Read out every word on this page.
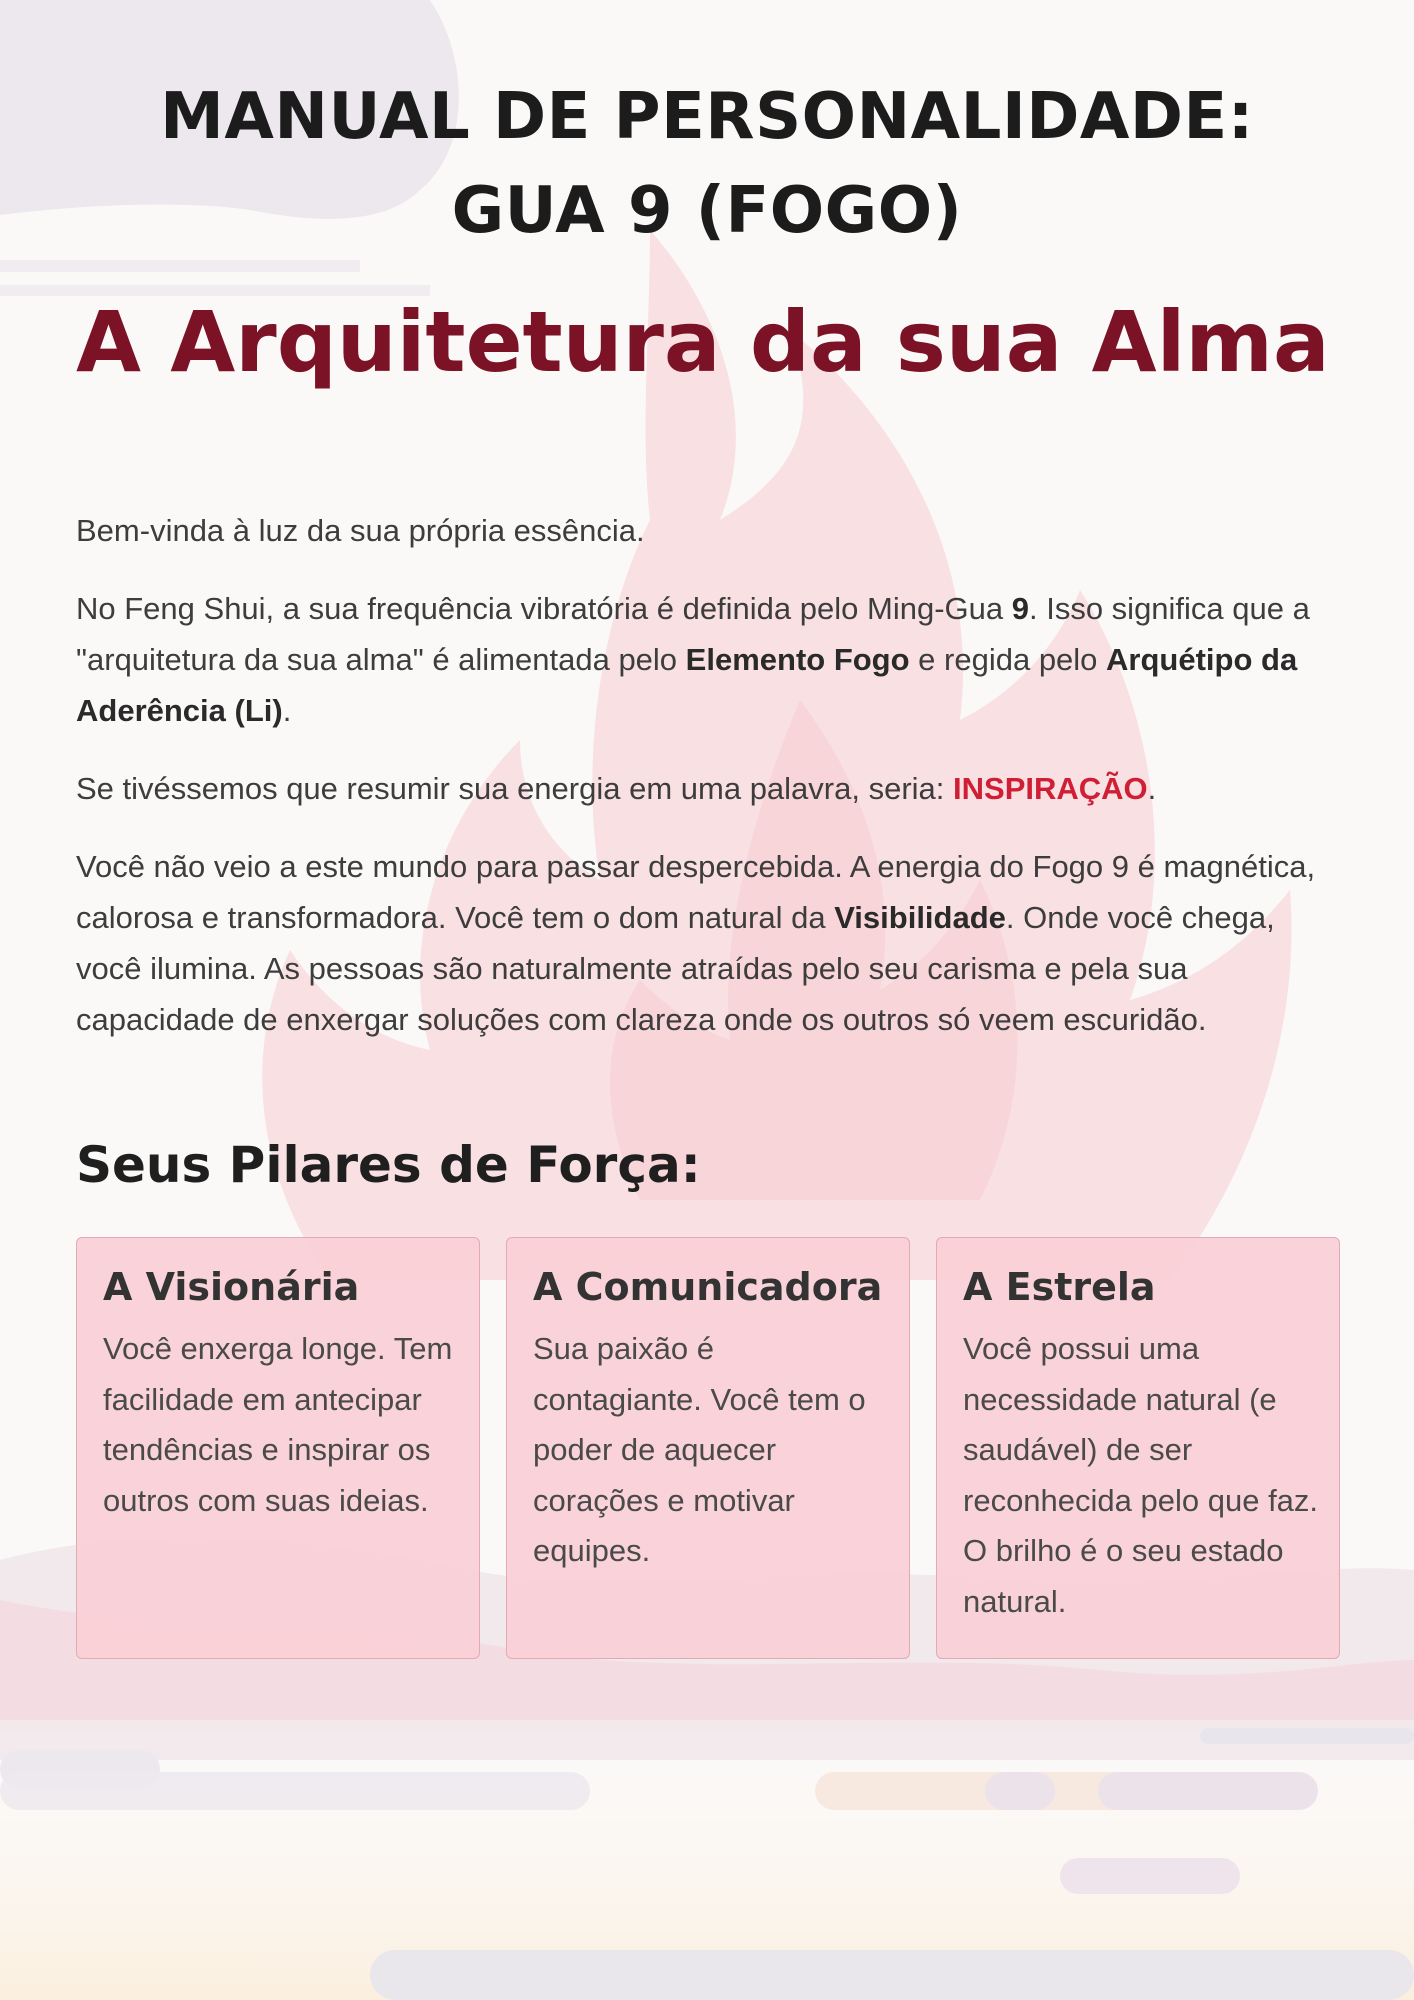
MANUAL DE PERSONALIDADE:
GUA 9 (FOGO)
A Arquitetura da sua Alma

Bem-vinda à luz da sua própria essência.

No Feng Shui, a sua frequência vibratória é definida pelo Ming-Gua 9. Isso significa que a "arquitetura da sua alma" é alimentada pelo Elemento Fogo e regida pelo Arquétipo da Aderência (Li).

Se tivéssemos que resumir sua energia em uma palavra, seria: INSPIRAÇÃO.

Você não veio a este mundo para passar despercebida. A energia do Fogo 9 é magnética, calorosa e transformadora. Você tem o dom natural da Visibilidade. Onde você chega, você ilumina. As pessoas são naturalmente atraídas pelo seu carisma e pela sua capacidade de enxergar soluções com clareza onde os outros só veem escuridão.

Seus Pilares de Força:
A Visionária

Você enxerga longe. Tem facilidade em antecipar tendências e inspirar os outros com suas ideias.

A Comunicadora

Sua paixão é contagiante. Você tem o poder de aquecer corações e motivar equipes.

A Estrela

Você possui uma necessidade natural (e saudável) de ser reconhecida pelo que faz. O brilho é o seu estado natural.
